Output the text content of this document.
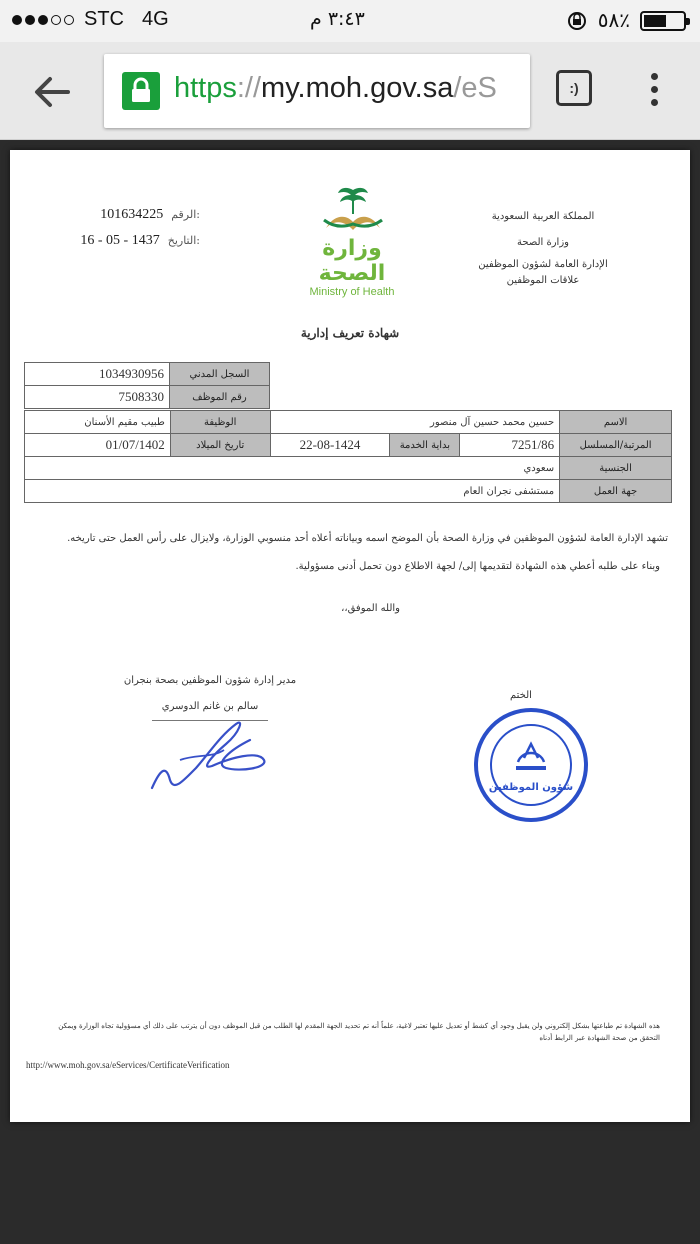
STC 4G	٣:٤٣ م	٥٨٪
https://my.moh.gov.sa/eS	:)
101634225 الرقم:
16 - 05 - 1437 التاريخ:	وزارة الصحة
Ministry of Health
المملكة العربية السعودية
وزارة الصحة
الإدارة العامة لشؤون الموظفين
علاقات الموظفين
شهادة تعريف إدارية
السجل المدني	1034930956
رقم الموظف	7508330
الاسم	حسين محمد حسين آل منصور			الوظيفة	طبيب مقيم الأسنان
المرتبة/المسلسل	7251/86	بداية الخدمة	22-08-1424	تاريخ الميلاد	01/07/1402
الجنسية	سعودي				
جهة العمل	مستشفى نجران العام				
تشهد الإدارة العامة لشؤون الموظفين في وزارة الصحة بأن الموضح اسمه وبياناته أعلاه أحد منسوبي الوزارة، ولايزال على رأس العمل حتى تاريخه.
وبناء على طلبه أعطي هذه الشهادة لتقديمها إلى/ لجهة الاطلاع دون تحمل أدنى مسؤولية.
والله الموفق،،
مدير إدارة شؤون الموظفين بصحة بنجران
سالم بن غانم الدوسري
الختم
شؤون الموظفين
هذه الشهادة تم طباعتها بشكل إلكتروني ولن يقبل وجود أي كشط أو تعديل عليها تعتبر لاغية، علماً أنه تم تحديد الجهة المقدم لها الطلب من قبل الموظف دون أن يترتب على ذلك أي مسؤولية تجاه الوزارة ويمكن التحقق من صحة الشهادة عبر الرابط أدناه
http://www.moh.gov.sa/eServices/CertificateVerification
